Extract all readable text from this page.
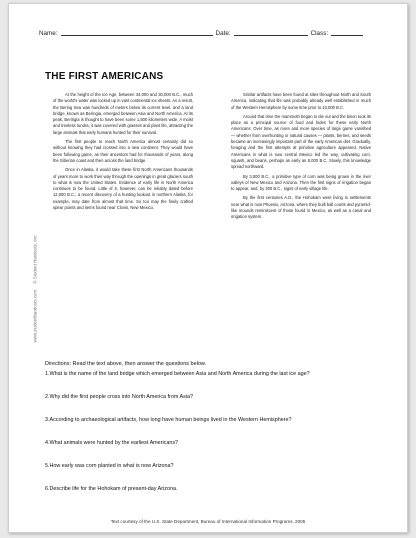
Name:	Date:	Class:
THE FIRST AMERICANS
www.studenthandouts.com     © Student Handouts, Inc.

At the height of the Ice Age, between 34,000 and 30,000 B.C., much of the world's water was locked up in vast continental ice sheets. As a result, the Bering Sea was hundreds of meters below its current level, and a land bridge, known as Beringia, emerged between Asia and North America. At its peak, Beringia is thought to have been some 1,500 kilometers wide. A moist and treeless tundra, it was covered with grasses and plant life, attracting the large animals that early humans hunted for their survival.

The first people to reach North America almost certainly did so without knowing they had crossed into a new continent. They would have been following game, as their ancestors had for thousands of years, along the Siberian coast and then across the land bridge.

Once in Alaska, it would take these first North Americans thousands of years more to work their way through the openings in great glaciers south to what is now the United States. Evidence of early life in North America continues to be found. Little of it, however, can be reliably dated before 12,000 B.C.; a recent discovery of a hunting lookout in northern Alaska, for example, may date from almost that time. So too may the finely crafted spear points and items found near Clovis, New Mexico.

Similar artifacts have been found at sites throughout North and South America, indicating that life was probably already well established in much of the Western Hemisphere by some time prior to 10,000 B.C.

Around that time the mammoth began to die out and the bison took its place as a principal source of food and hides for these early North Americans. Over time, as more and more species of large game vanished — whether from overhunting or natural causes — plants, berries, and seeds became an increasingly important part of the early American diet. Gradually, foraging and the first attempts at primitive agriculture appeared. Native Americans in what is now central Mexico led the way, cultivating corn, squash, and beans, perhaps as early as 8,000 B.C. Slowly, this knowledge spread northward.

By 3,000 B.C., a primitive type of corn was being grown in the river valleys of New Mexico and Arizona. Then the first signs of irrigation began to appear, and, by 300 B.C., signs of early village life.

By the first centuries A.D., the Hohokam were living in settlements near what is now Phoenix, Arizona, where they built ball courts and pyramid-like mounds reminiscent of those found in Mexico, as well as a canal and irrigation system.

Directions: Read the text above, then answer the questions below.

1.What is the name of the land bridge which emerged between Asia and North America during the last ice age?
2.Why did the first people cross into North America from Asia?
3.According to archaeological artifacts, how long have human beings lived in the Western Hemisphere?
4.What animals were hunted by the earliest Americans?
5.How early was corn planted in what is now Arizona?
6.Describe life for the Hohokam of present-day Arizona.
Text courtesy of the U.S. State Department, Bureau of International Information Programs, 2005
